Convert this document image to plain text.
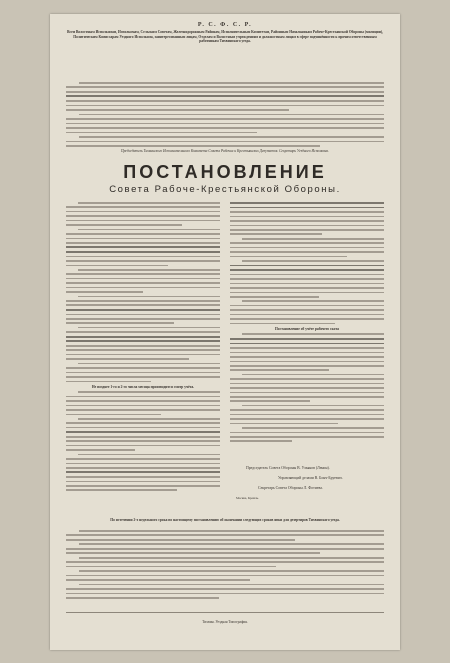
Р. С. Ф. С. Р.
Всем Волостным Исполкомам, Исполкомам, Сельским Советам, Железнодорожным Районам, Исполнительным Комитетам, Районным Начальникам Рабоче-Крестьянской Обороны (милиции), Политическим Комиссарам Уездного Исполкома, заинтересованным лицам, Отделам и Волостным учреждениям и должностным лицам в сфере подчинённости к прочим ответственным работникам Тихвинского уезда.
Председатель Тихвинского Исполнительного Комитета Совета Рабочих и Крестьянских Депутатов. Секретарь Уездного Исполкома.
ПОСТАНОВЛЕНИЕ
Совета Рабоче-Крестьянской Обороны.
Не позднее 1-го и 2-го числа месяца производится смотр учёта.
Постановление об учёте рабочего скота
Председатель Совета Обороны В. Ульянов (Ленин).
Управляющий делами В. Бонч-Бруевич.
Секретарь Совета Обороны Л. Фотиева.
Москва, Кремль.
По истечении 2-х недельного срока по настоящему постановлению об окончании следующих сроков явки для дезертиров Тихвинского уезда.
Тихвин. Уездная Типография.
